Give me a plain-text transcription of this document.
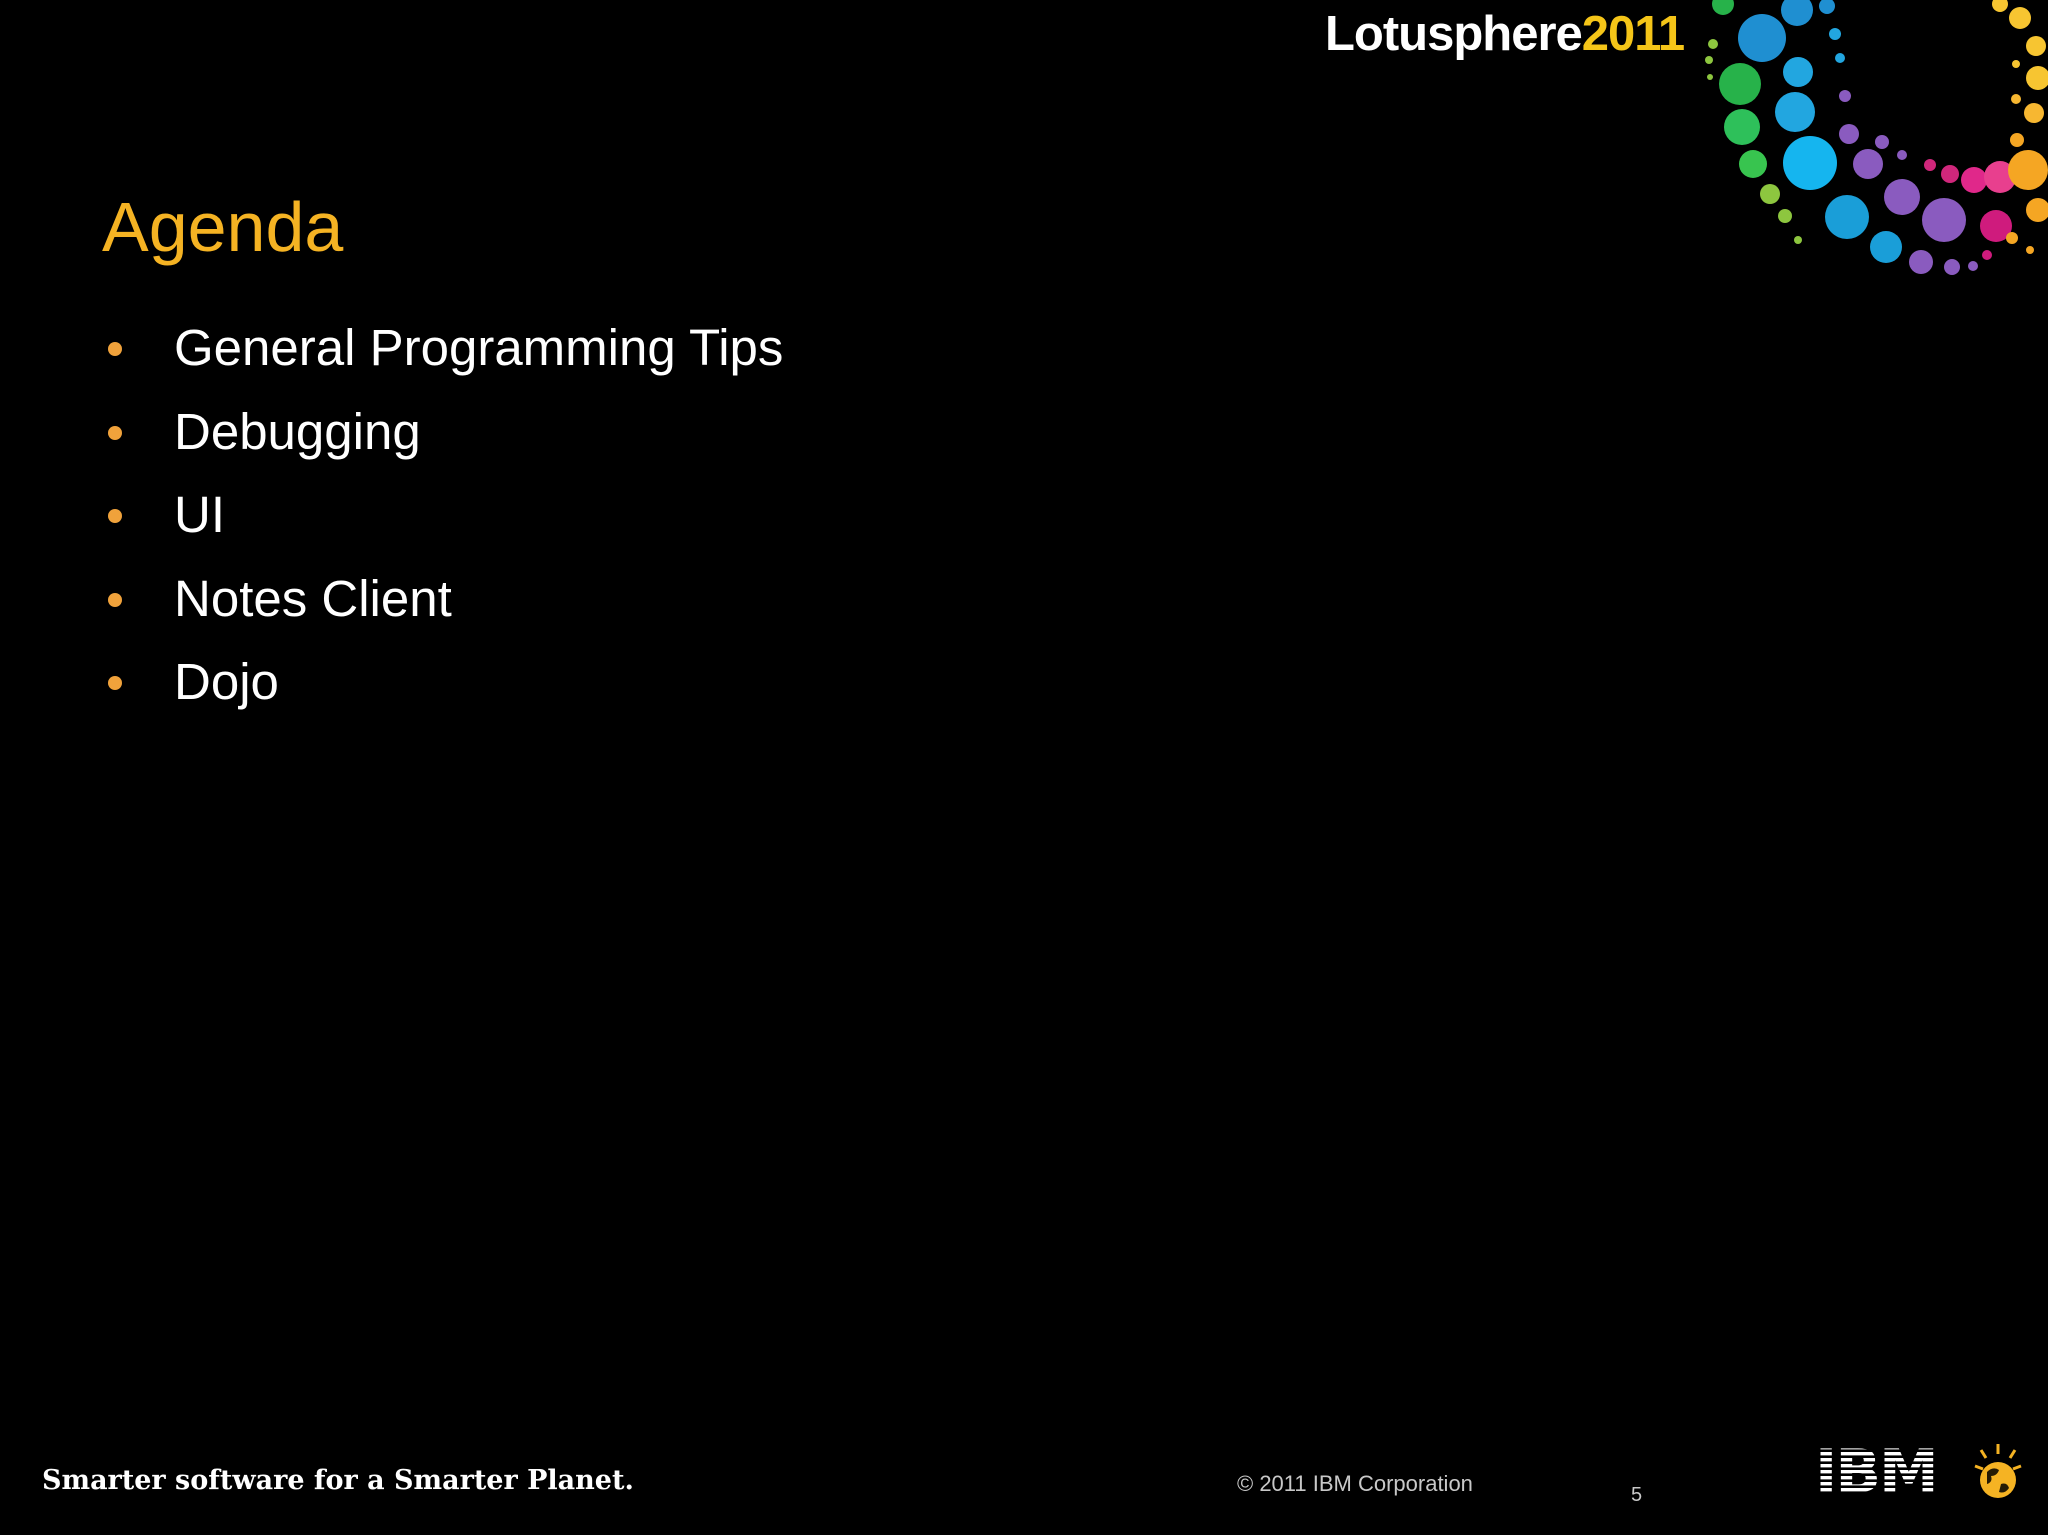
Lotusphere2011
Agenda
General Programming Tips
Debugging
UI
Notes Client
Dojo
Smarter software for a Smarter Planet.	© 2011 IBM Corporation	5	IBM
